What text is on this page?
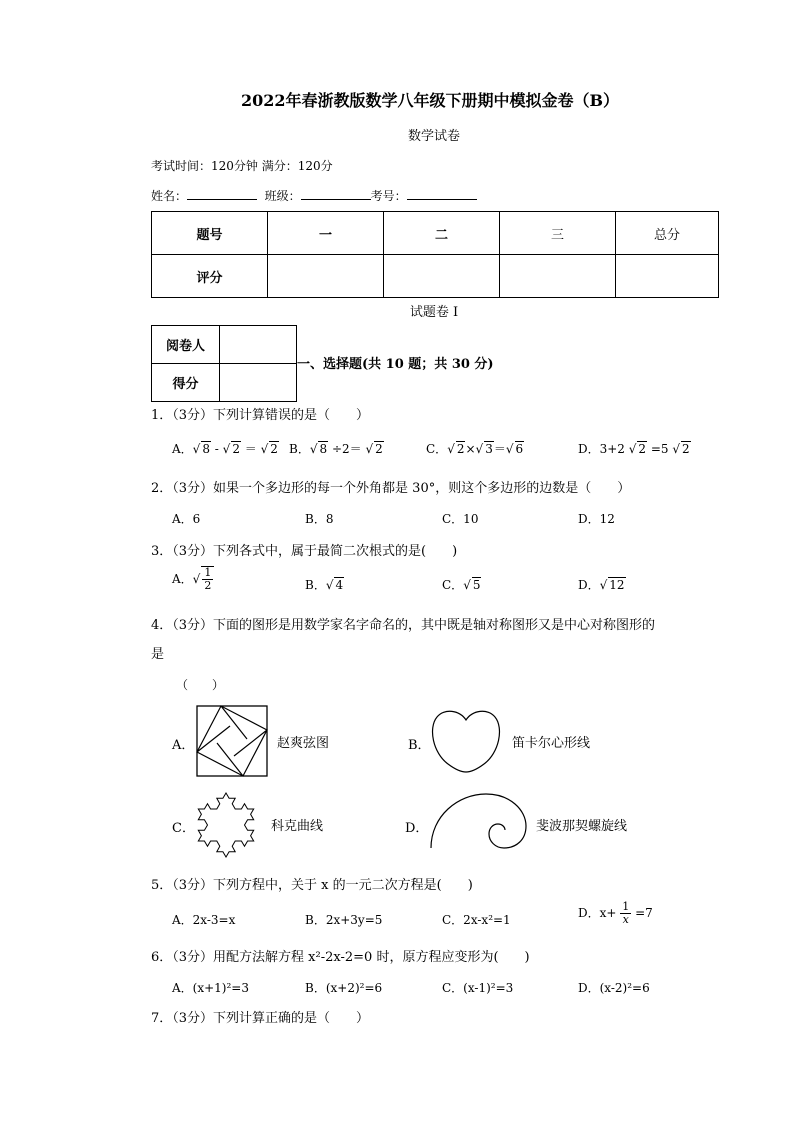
2022年春浙教版数学八年级下册期中模拟金卷（B）
数学试卷
考试时间：120分钟 满分：120分
姓名：	班级：	考号：
题号	一	二	三	总分
评分				
试题卷 I
阅卷人	
得分	
一、选择题(共 10 题；共 30 分)
1．（3分）下列计算错误的是（　　）
A．√ 8 - √ 2 ＝ √ 2 B．√ 8 ÷2＝ √ 2	C．√ 2×√ 3＝√ 6	D．3+2 √ 2 =5 √ 2
2．（3分）如果一个多边形的每一个外角都是 30°，则这个多边形的边数是（　　）
A．6	B．8	C．10	D．12
3．（3分）下列各式中，属于最简二次根式的是(　　)
A．√ $\frac{1}{2}$	B．√ 4	C．√ 5	D．√ 12
4．（3分）下面的图形是用数学家名字命名的，其中既是轴对称图形又是中心对称图形的
是
（　　）
A．	赵爽弦图	B．	笛卡尔心形线
C．	科克曲线	D．	斐波那契螺旋线
5．（3分）下列方程中，关于 x 的一元二次方程是(　　)
A．2x-3=x	B．2x+3y=5	C．2x-x²=1	D．$x+ \frac{1}{x} =7$
6．（3分）用配方法解方程 x²-2x-2=0 时，原方程应变形为(　　)
A．(x+1)²=3	B．(x+2)²=6	C．(x-1)²=3	D．(x-2)²=6
7．（3分）下列计算正确的是（　　）
